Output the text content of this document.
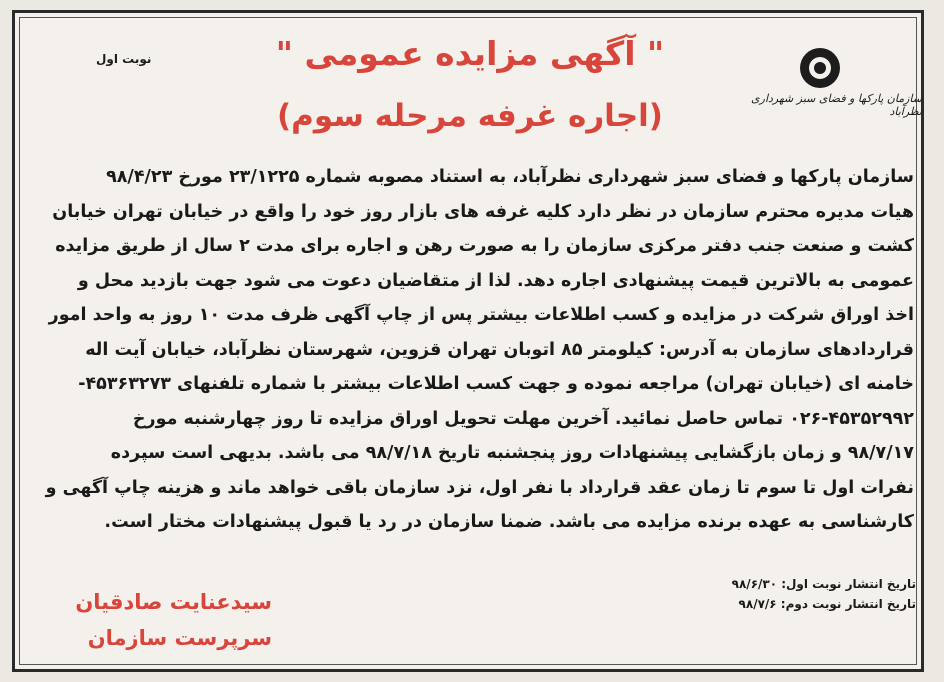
سازمان پارکها و فضای سبز شهرداری نظرآباد
نوبت اول	" آگهی مزایده عمومی "
(اجاره غرفه مرحله سوم)
سازمان پارکها و فضای سبز شهرداری نظرآباد، به استناد مصوبه شماره ۲۳/۱۲۲۵ مورخ ۹۸/۴/۲۳
هیات مدیره محترم سازمان در نظر دارد کلیه غرفه های بازار روز خود را واقع در خیابان تهران خیابان
کشت و صنعت جنب دفتر مرکزی سازمان را به صورت رهن و اجاره برای مدت ۲ سال از طریق مزایده
عمومی به بالاترین قیمت پیشنهادی اجاره دهد. لذا از متقاضیان دعوت می شود جهت بازدید محل و
اخذ اوراق شرکت در مزایده و کسب اطلاعات بیشتر پس از چاپ آگهی ظرف مدت ۱۰ روز به واحد امور
قراردادهای سازمان به آدرس: کیلومتر ۸۵ اتوبان تهران قزوین، شهرستان نظرآباد، خیابان آیت اله
خامنه ای (خیابان تهران) مراجعه نموده و جهت کسب اطلاعات بیشتر با شماره تلفنهای ۴۵۳۶۳۲۷۳-
۰۲۶-۴۵۳۵۲۹۹۲ تماس حاصل نمائید. آخرین مهلت تحویل اوراق مزایده تا روز چهارشنبه مورخ
۹۸/۷/۱۷ و زمان بازگشایی پیشنهادات روز پنجشنبه تاریخ ۹۸/۷/۱۸ می باشد. بدیهی است سپرده
نفرات اول تا سوم تا زمان عقد قرارداد با نفر اول، نزد سازمان باقی خواهد ماند و هزینه چاپ آگهی و
کارشناسی به عهده برنده مزایده می باشد. ضمنا سازمان در رد یا قبول پیشنهادات مختار است.
تاریخ انتشار نوبت اول: ۹۸/۶/۳۰
تاریخ انتشار نوبت دوم: ۹۸/۷/۶
سیدعنایت صادقیان
سرپرست سازمان
